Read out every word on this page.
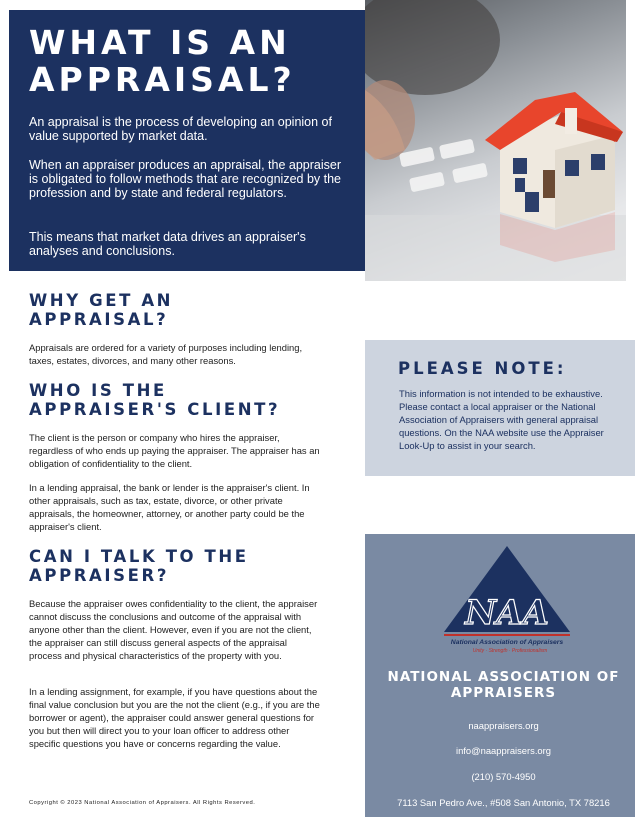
WHAT IS AN
APPRAISAL?

An appraisal is the process of developing an opinion of value supported by market data.

When an appraiser produces an appraisal, the appraiser is obligated to follow methods that are recognized by the profession and by state and federal regulators.

This means that market data drives an appraiser's analyses and conclusions.

WHY GET AN
APPRAISAL?

Appraisals are ordered for a variety of purposes including lending, taxes, estates, divorces, and many other reasons.

WHO IS THE
APPRAISER'S CLIENT?

The client is the person or company who hires the appraiser, regardless of who ends up paying the appraiser. The appraiser has an obligation of confidentiality to the client.

In a lending appraisal, the bank or lender is the appraiser's client. In other appraisals, such as tax, estate, divorce, or other private appraisals, the homeowner, attorney, or another party could be the appraiser's client.

CAN I TALK TO THE
APPRAISER?

Because the appraiser owes confidentiality to the client, the appraiser cannot discuss the conclusions and outcome of the appraisal with anyone other than the client. However, even if you are not the client, the appraiser can still discuss general aspects of the appraisal process and physical characteristics of the property with you.

In a lending assignment, for example, if you have questions about the final value conclusion but you are the not the client (e.g., if you are the borrower or agent), the appraiser could answer general questions for you but then will direct you to your loan officer to address other specific questions you have or concerns regarding the value.

PLEASE NOTE:

This information is not intended to be exhaustive. Please contact a local appraiser or the National Association of Appraisers with general appraisal questions. On the NAA website use the Appraiser Look-Up to assist in your search.

NAA
National Association of Appraisers
Unity · Strength · Professionalism

NATIONAL ASSOCIATION OF
APPRAISERS

naappraisers.org

info@naappraisers.org

(210) 570-4950

7113 San Pedro Ave., #508 San Antonio, TX 78216

Copyright © 2023 National Association of Appraisers. All Rights Reserved.
